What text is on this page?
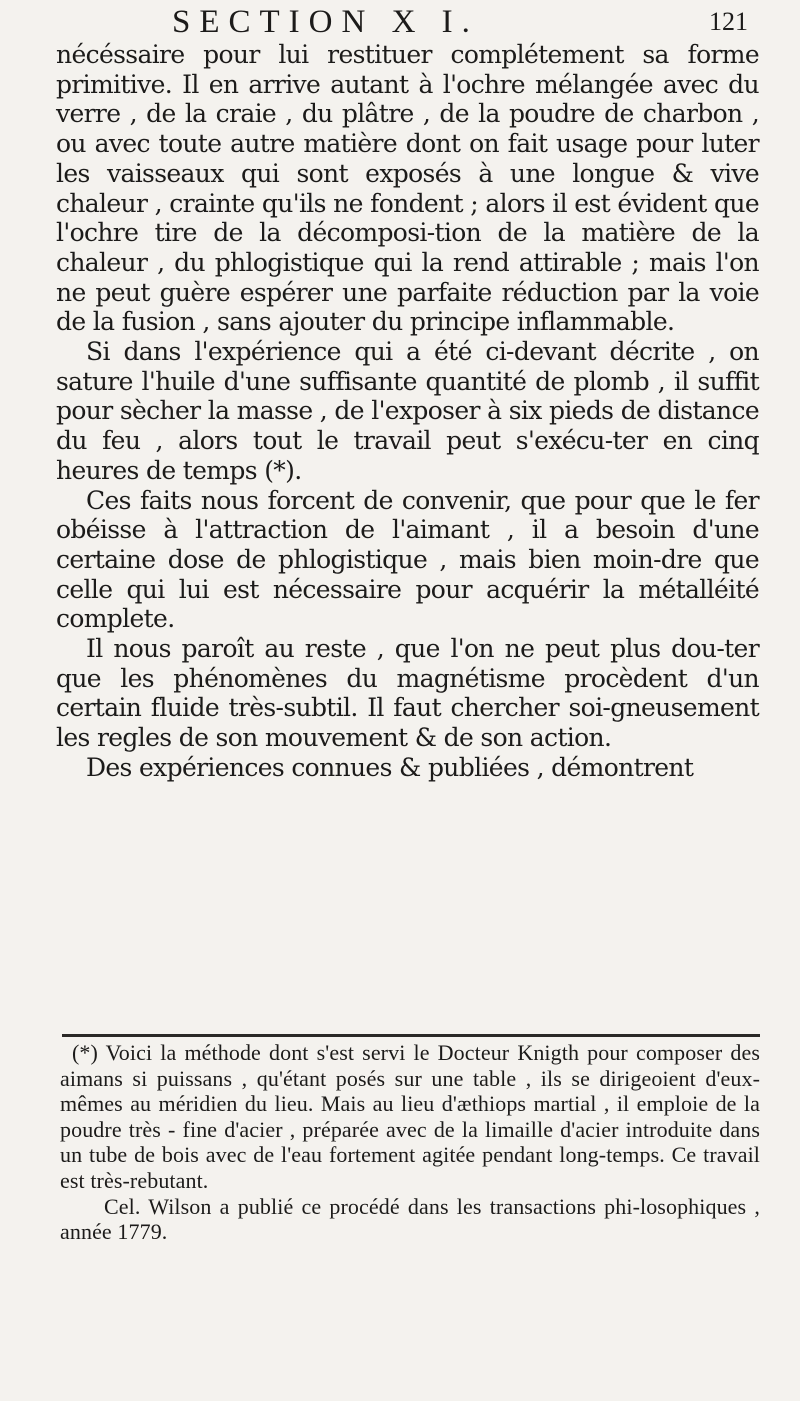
SECTION X I.	121

nécéssaire pour lui restituer complétement sa forme primitive. Il en arrive autant à l'ochre mélangée avec du verre , de la craie , du plâtre , de la poudre de charbon , ou avec toute autre matière dont on fait usage pour luter les vaisseaux qui sont exposés à une longue & vive chaleur , crainte qu'ils ne fondent ; alors il est évident que l'ochre tire de la décomposi-tion de la matière de la chaleur , du phlogistique qui la rend attirable ; mais l'on ne peut guère espérer une parfaite réduction par la voie de la fusion , sans ajouter du principe inflammable.

Si dans l'expérience qui a été ci-devant décrite , on sature l'huile d'une suffisante quantité de plomb , il suffit pour sècher la masse , de l'exposer à six pieds de distance du feu , alors tout le travail peut s'exécu-ter en cinq heures de temps (*).

Ces faits nous forcent de convenir, que pour que le fer obéisse à l'attraction de l'aimant , il a besoin d'une certaine dose de phlogistique , mais bien moin-dre que celle qui lui est nécessaire pour acquérir la métalléité complete.

Il nous paroît au reste , que l'on ne peut plus dou-ter que les phénomènes du magnétisme procèdent d'un certain fluide très-subtil. Il faut chercher soi-gneusement les regles de son mouvement & de son action.

Des expériences connues & publiées , démontrent

(*) Voici la méthode dont s'est servi le Docteur Knigth pour composer des aimans si puissans , qu'étant posés sur une table , ils se dirigeoient d'eux-mêmes au méridien du lieu. Mais au lieu d'æthiops martial , il emploie de la poudre très - fine d'acier , préparée avec de la limaille d'acier introduite dans un tube de bois avec de l'eau fortement agitée pendant long-temps. Ce travail est très-rebutant.

Cel. Wilson a publié ce procédé dans les transactions phi-losophiques , année 1779.
